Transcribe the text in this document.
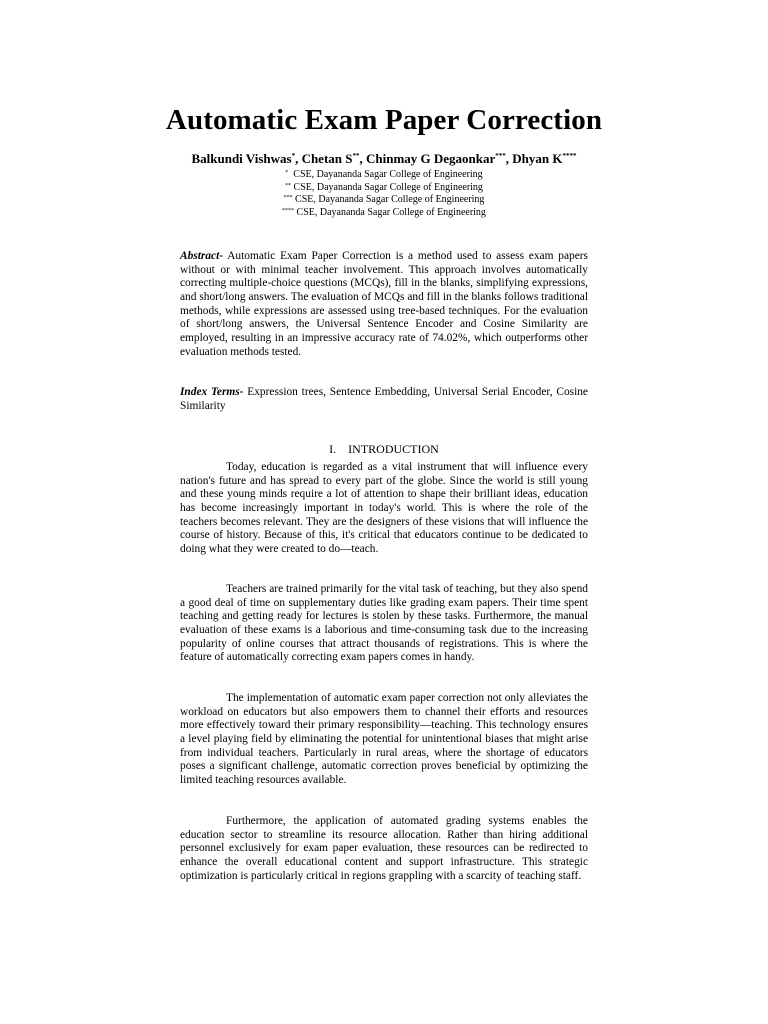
Automatic Exam Paper Correction
Balkundi Vishwas*, Chetan S**, Chinmay G Degaonkar***, Dhyan K****
*  CSE, Dayananda Sagar College of Engineering
** CSE, Dayananda Sagar College of Engineering
*** CSE, Dayananda Sagar College of Engineering
**** CSE, Dayananda Sagar College of Engineering

Abstract- Automatic Exam Paper Correction is a method used to assess exam papers without or with minimal teacher involvement. This approach involves automatically correcting multiple-choice questions (MCQs), fill in the blanks, simplifying expressions, and short/long answers. The evaluation of MCQs and fill in the blanks follows traditional methods, while expressions are assessed using tree-based techniques. For the evaluation of short/long answers, the Universal Sentence Encoder and Cosine Similarity are employed, resulting in an impressive accuracy rate of 74.02%, which outperforms other evaluation methods tested.

Index Terms- Expression trees, Sentence Embedding, Universal Serial Encoder, Cosine Similarity

I. INTRODUCTION

Today, education is regarded as a vital instrument that will influence every nation's future and has spread to every part of the globe. Since the world is still young and these young minds require a lot of attention to shape their brilliant ideas, education has become increasingly important in today's world. This is where the role of the teachers becomes relevant. They are the designers of these visions that will influence the course of history. Because of this, it's critical that educators continue to be dedicated to doing what they were created to do—teach.

Teachers are trained primarily for the vital task of teaching, but they also spend a good deal of time on supplementary duties like grading exam papers. Their time spent teaching and getting ready for lectures is stolen by these tasks. Furthermore, the manual evaluation of these exams is a laborious and time-consuming task due to the increasing popularity of online courses that attract thousands of registrations. This is where the feature of automatically correcting exam papers comes in handy.

The implementation of automatic exam paper correction not only alleviates the workload on educators but also empowers them to channel their efforts and resources more effectively toward their primary responsibility—teaching. This technology ensures a level playing field by eliminating the potential for unintentional biases that might arise from individual teachers. Particularly in rural areas, where the shortage of educators poses a significant challenge, automatic correction proves beneficial by optimizing the limited teaching resources available.

Furthermore, the application of automated grading systems enables the education sector to streamline its resource allocation. Rather than hiring additional personnel exclusively for exam paper evaluation, these resources can be redirected to enhance the overall educational content and support infrastructure. This strategic optimization is particularly critical in regions grappling with a scarcity of teaching staff.
